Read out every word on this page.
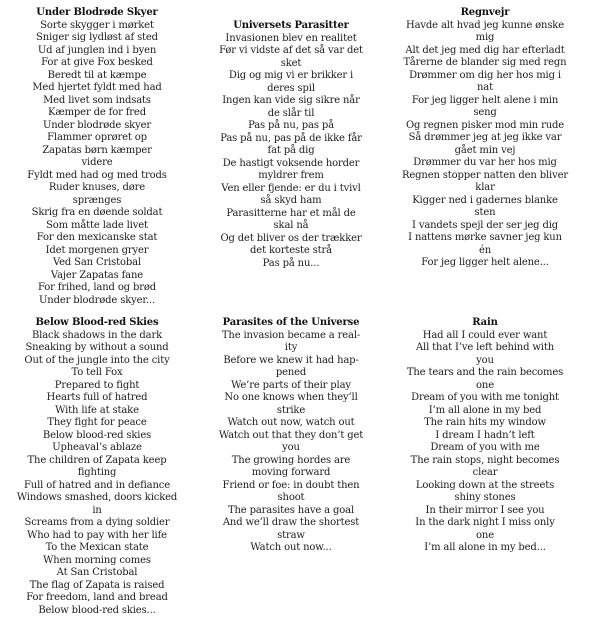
Under Blodrøde Skyer
Sorte skygger i mørket
Sniger sig lydløst af sted
Ud af junglen ind i byen
For at give Fox besked
Beredt til at kæmpe
Med hjertet fyldt med had
Med livet som indsats
Kæmper de for fred
Under blodrøde skyer
Flammer oprøret op
Zapatas børn kæmper
videre
Fyldt med had og med trods
Ruder knuses, døre
sprænges
Skrig fra en døende soldat
Som måtte lade livet
For den mexicanske stat
Idet morgenen gryer
Ved San Cristobal
Vajer Zapatas fane
For frihed, land og brød
Under blodrøde skyer...
Universets Parasitter
Invasionen blev en realitet
Før vi vidste af det så var det
sket
Dig og mig vi er brikker i
deres spil
Ingen kan vide sig sikre når
de slår til
Pas på nu, pas på
Pas på nu, pas på de ikke får
fat på dig
De hastigt voksende horder
myldrer frem
Ven eller fjende: er du i tvivl
så skyd ham
Parasitterne har et mål de
skal nå
Og det bliver os der trækker
det korteste strå
Pas på nu...
Regnvejr
Havde alt hvad jeg kunne ønske
mig
Alt det jeg med dig har efterladt
Tårerne de blander sig med regn
Drømmer om dig her hos mig i
nat
For jeg ligger helt alene i min
seng
Og regnen pisker mod min rude
Så drømmer jeg at jeg ikke var
gået min vej
Drømmer du var her hos mig
Regnen stopper natten den bliver
klar
Kigger ned i gadernes blanke
sten
I vandets spejl der ser jeg dig
I nattens mørke savner jeg kun
én
For jeg ligger helt alene...
Below Blood-red Skies
Black shadows in the dark
Sneaking by without a sound
Out of the jungle into the city
To tell Fox
Prepared to fight
Hearts full of hatred
With life at stake
They fight for peace
Below blood-red skies
Upheaval’s ablaze
The children of Zapata keep
fighting
Full of hatred and in defiance
Windows smashed, doors kicked
in
Screams from a dying soldier
Who had to pay with her life
To the Mexican state
When morning comes
At San Cristobal
The flag of Zapata is raised
For freedom, land and bread
Below blood-red skies...
Parasites of the Universe
The invasion became a real-
ity
Before we knew it had hap-
pened
We’re parts of their play
No one knows when they’ll
strike
Watch out now, watch out
Watch out that they don’t get
you
The growing hordes are
moving forward
Friend or foe: in doubt then
shoot
The parasites have a goal
And we’ll draw the shortest
straw
Watch out now...
Rain
Had all I could ever want
All that I’ve left behind with
you
The tears and the rain becomes
one
Dream of you with me tonight
I’m all alone in my bed
The rain hits my window
I dream I hadn’t left
Dream of you with me
The rain stops, night becomes
clear
Looking down at the streets
shiny stones
In their mirror I see you
In the dark night I miss only
one
I’m all alone in my bed...
